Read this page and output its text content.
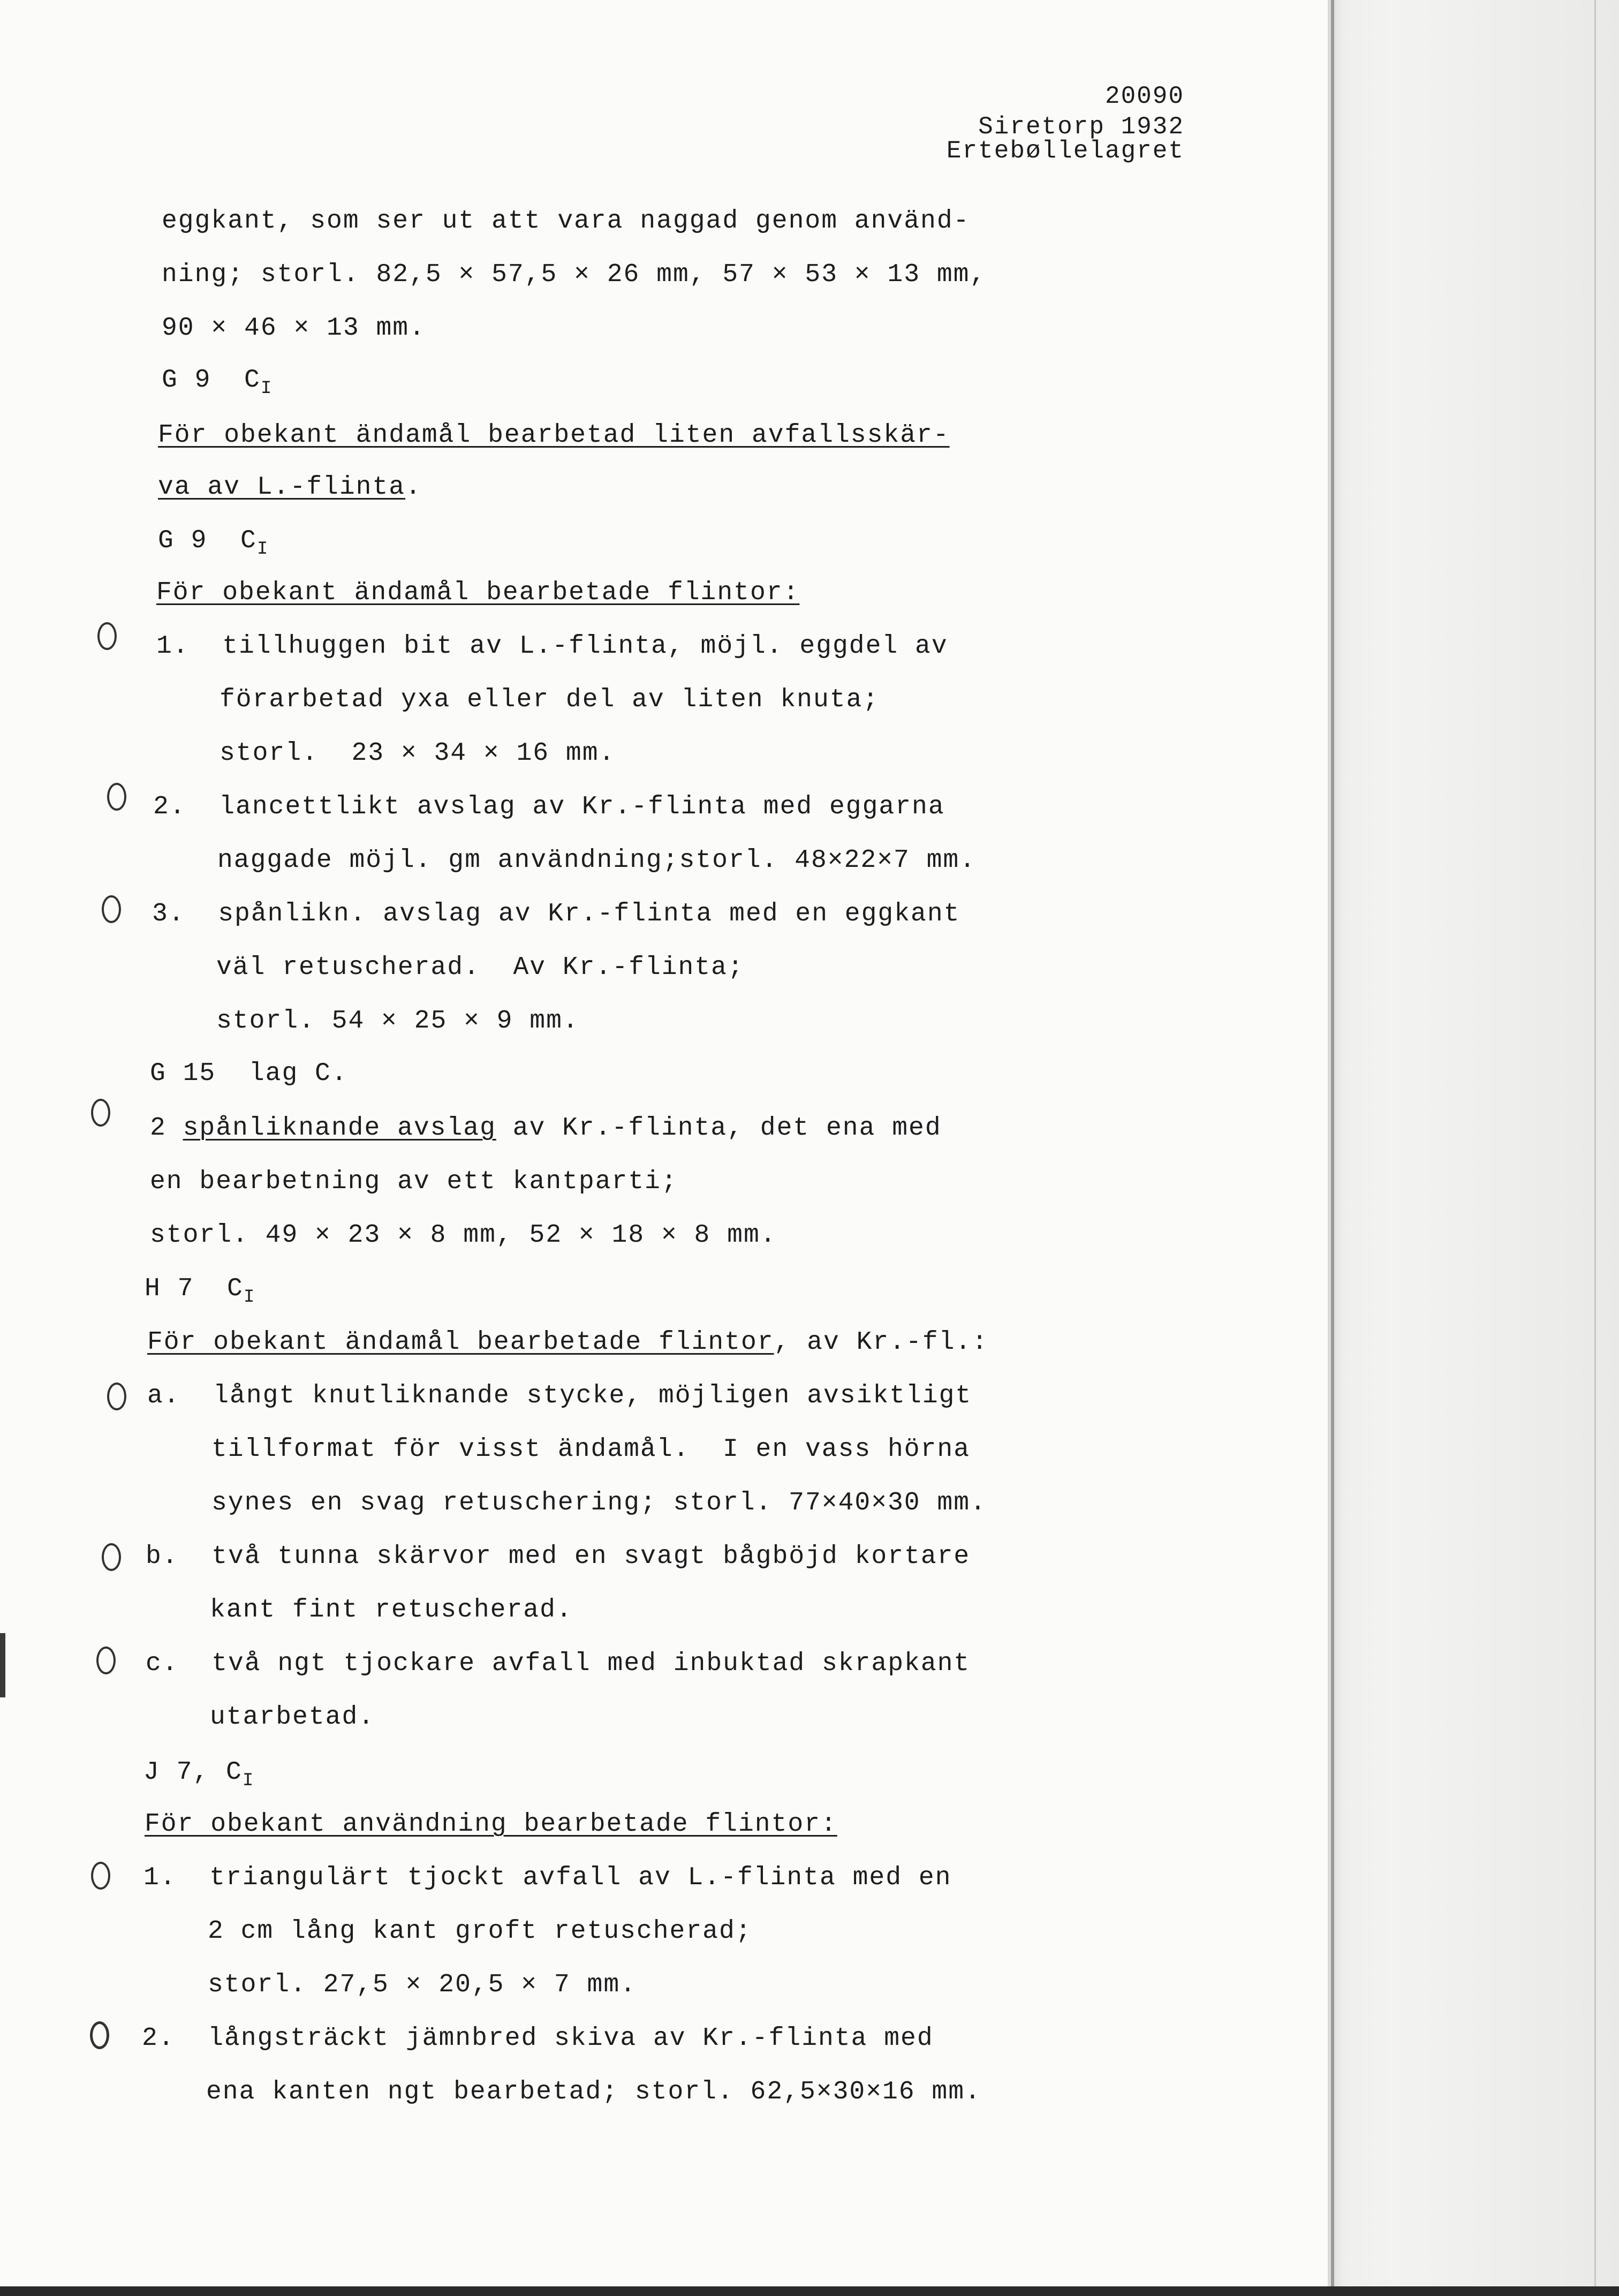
20090
Siretorp 1932
Ertebøllelagret
eggkant, som ser ut att vara naggad genom använd-
ning; storl. 82,5 × 57,5 × 26 mm, 57 × 53 × 13 mm,
90 × 46 × 13 mm.
G 9  $C_I$
För obekant ändamål bearbetad liten avfallsskär-
va av L.-flinta.
G 9  $C_I$
För obekant ändamål bearbetade flintor:
1. tillhuggen bit av L.-flinta, möjl. eggdel av
förarbetad yxa eller del av liten knuta;
storl.  23 × 34 × 16 mm.
2. lancettlikt avslag av Kr.-flinta med eggarna
naggade möjl. gm användning;storl. 48×22×7 mm.
3. spånlikn. avslag av Kr.-flinta med en eggkant
väl retuscherad.  Av Kr.-flinta;
storl. 54 × 25 × 9 mm.
G 15  lag C.
2 spånliknande avslag av Kr.-flinta, det ena med
en bearbetning av ett kantparti;
storl. 49 × 23 × 8 mm, 52 × 18 × 8 mm.
H 7  $C_I$
För obekant ändamål bearbetade flintor, av Kr.-fl.:
a. långt knutliknande stycke, möjligen avsiktligt
tillformat för visst ändamål.  I en vass hörna
synes en svag retuschering; storl. 77×40×30 mm.
b. två tunna skärvor med en svagt bågböjd kortare
kant fint retuscherad.
c. två ngt tjockare avfall med inbuktad skrapkant
utarbetad.
J 7, $C_I$
För obekant användning bearbetade flintor:
1. triangulärt tjockt avfall av L.-flinta med en
2 cm lång kant groft retuscherad;
storl. 27,5 × 20,5 × 7 mm.
2. långsträckt jämnbred skiva av Kr.-flinta med
ena kanten ngt bearbetad; storl. 62,5×30×16 mm.
